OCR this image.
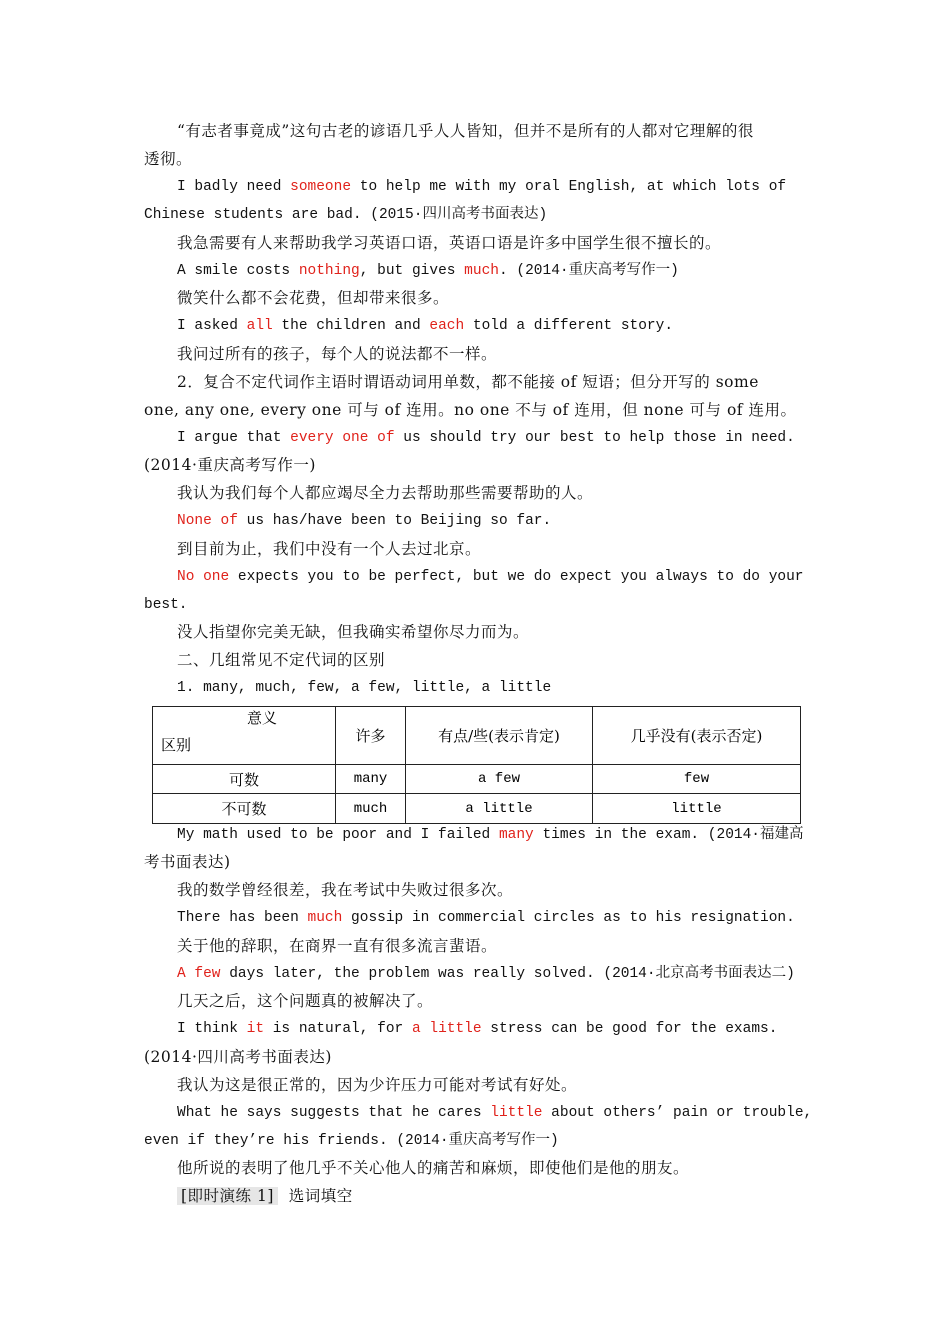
“有志者事竟成”这句古老的谚语几乎人人皆知，但并不是所有的人都对它理解的很
透彻。
I badly need someone to help me with my oral English, at which lots of
Chinese students are bad. (2015·四川高考书面表达)
我急需要有人来帮助我学习英语口语，英语口语是许多中国学生很不擅长的。
A smile costs nothing, but gives much. (2014·重庆高考写作一)
微笑什么都不会花费，但却带来很多。
I asked all the children and each told a different story.
我问过所有的孩子，每个人的说法都不一样。
2．复合不定代词作主语时谓语动词用单数，都不能接 of 短语；但分开写的 some
one, any one, every one 可与 of 连用。no one 不与 of 连用，但 none 可与 of 连用。
I argue that every one of us should try our best to help those in need.
(2014·重庆高考写作一)
我认为我们每个人都应竭尽全力去帮助那些需要帮助的人。
None of us has/have been to Beijing so far.
到目前为止，我们中没有一个人去过北京。
No one expects you to be perfect, but we do expect you always to do your
best.
没人指望你完美无缺，但我确实希望你尽力而为。
二、几组常见不定代词的区别
1. many, much, few, a few, little, a little
意义
区别	许多	有点/些(表示肯定)	几乎没有(表示否定)
可数	many	a few	few
不可数	much	a little	little
My math used to be poor and I failed many times in the exam. (2014·福建高
考书面表达)
我的数学曾经很差，我在考试中失败过很多次。
There has been much gossip in commercial circles as to his resignation.
关于他的辞职，在商界一直有很多流言蜚语。
A few days later, the problem was really solved. (2014·北京高考书面表达二)
几天之后，这个问题真的被解决了。
I think it is natural, for a little stress can be good for the exams.
(2014·四川高考书面表达)
我认为这是很正常的，因为少许压力可能对考试有好处。
What he says suggests that he cares little about others’ pain or trouble,
even if they’re his friends. (2014·重庆高考写作一)
他所说的表明了他几乎不关心他人的痛苦和麻烦，即使他们是他的朋友。
[即时演练 1] 选词填空
